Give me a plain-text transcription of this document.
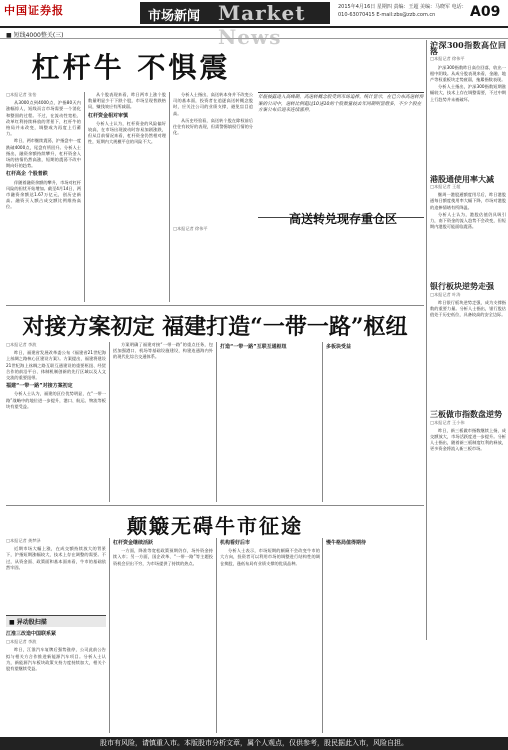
中国证券报	市场新闻 Market News
2015年4月16日 星期四 责编：王超 美编：马晓军 电话：010-63070415 E-mail:zbs@zzb.com.cn	A09
■ 短线4000整关(三)
杠杆牛 不惧震
□本报记者 张怡

从3000点到4000点，沪指80天内涨幅惊人，短线而言市场需要一个消化和整固的过程。不过，在流动性宽松、改革红利持续释放的背景下，杠杆牛的格局并未改变，调整或为再度上行蓄力。

昨日，两市继续震荡，沪指盘中一度跌破4000点，尾盘有所回升。分析人士指出，融资余额持续攀升，杠杆资金入场的热情仍然高涨，短期的震荡不改中期向好的趋势。

杠杆高企 个股普跌

伴随着融资余额的攀升，市场对杠杆风险的担忧开始增加。截至4月14日，两市融资余额达1.67万亿元，创历史新高。融资买入额占成交额比例维持高位。

从个股表现来看，昨日两市上涨个股数量明显少于下跌个股，市场呈现普跌格局，赚钱效应有所减弱。

杠杆资金相对审慎

分析人士认为，杠杆资金的风险偏好较高，在市场出现波动时容易加剧涨跌，但从目前情况来看，杠杆资金仍然相对理性，短期内大规模平仓的风险不大。

分析人士指出，高送转本身并不改变公司的基本面，投资者在追逐高送转概念股时，应关注公司的业绩支撑，避免盲目追高。

从历史经验看，高送转个股在除权前后往往有较好的表现，但需警惕填权行情的分化。

年报披露进入高峰期，高送转概念股受到市场追捧。统计显示，在已公布高送转预案的公司中，送转比例超过10送10的个股数量较去年同期明显增多，不少个股在方案公布后迎来连续涨停。
高送转兑现存重仓区
□本报记者 徐伟平
沪深300指数高位回落
□本报记者 徐伟平

沪深300指数昨日高位回落，收出一根中阴线。从成分股表现来看，金融、地产等权重板块走势疲弱，拖累指数表现。

分析人士指出，沪深300指数短期涨幅较大，技术上存在调整需要，不过中期上行趋势并未被破坏。

港股通使用率大减
□本报记者 王超

继周一港股通额度用尽后，昨日港股通每日额度使用率大幅下降，市场对港股的追捧情绪有所降温。

分析人士认为，港股估值仍具吸引力，南下资金的流入趋势不会改变，但短期内港股可能面临震荡。

银行板块逆势走强
□本报记者 叶涛

昨日银行板块逆势走强，成为支撑指数的重要力量。分析人士指出，银行股估值处于历史低位，具备较高的安全边际。

三板做市指数盘逆势
□本报记者 王小伟

昨日，新三板做市指数继续上扬，成交额放大，市场活跃度进一步提升。分析人士指出，随着新三板制度红利的释放，更多资金将流入新三板市场。

对接方案初定 福建打造“一带一路”枢纽
□本报记者 李波

昨日，福建省发展改革委公布《福建省21世纪海上丝绸之路核心区建设方案》。方案提出，福建将建设21世纪海上丝绸之路互联互通建设的重要枢纽、经贸合作的前沿平台、体制机制创新的先行区域以及人文交流的重要纽带。

福建“一带一路”对接方案初定

分析人士认为，福建的区位优势明显，在“一带一路”战略中的地位进一步提升，港口、航运、物流等板块有望受益。

方案明确了福建对接“一带一路”的重点任务，包括加强港口、机场等基础设施建设，构建连通海内外的现代化综合交通体系。

打造“一带一路”互联互通枢纽	多板块受益
颠簸无碍牛市征途
□本报记者 龚梦泽

近期市场大幅上涨，在成交额持续放大的背景下，沪指短期涨幅较大，技术上存在调整的需要。不过，从资金面、政策面和基本面来看，牛市的基础依然牢固。

杠杆资金继续活跃

一方面，降准等宽松政策预期仍存，场外资金持续入市；另一方面，国企改革、“一带一路”等主题投资机会层出不穷，为市场提供了持续的热点。

机构看好后市

分析人士表示，市场短期的颠簸不会改变牛市的大方向，投资者可以利用市场的调整进行结构性的调仓换股，逢低布局有业绩支撑的优质品种。

慢牛格局值得期待
■ 异动股扫描
江淮三改造中国联系紧
□本报记者 李波

昨日，江淮汽车复牌后强势涨停，公司此前公告拟与相关方合作推进新能源汽车项目。分析人士认为，新能源汽车板块政策支持力度持续加大，相关个股有望继续受益。

股市有风险，请慎重入市。本版股市分析文章，属个人观点，仅供参考，股民据此入市，风险自担。
